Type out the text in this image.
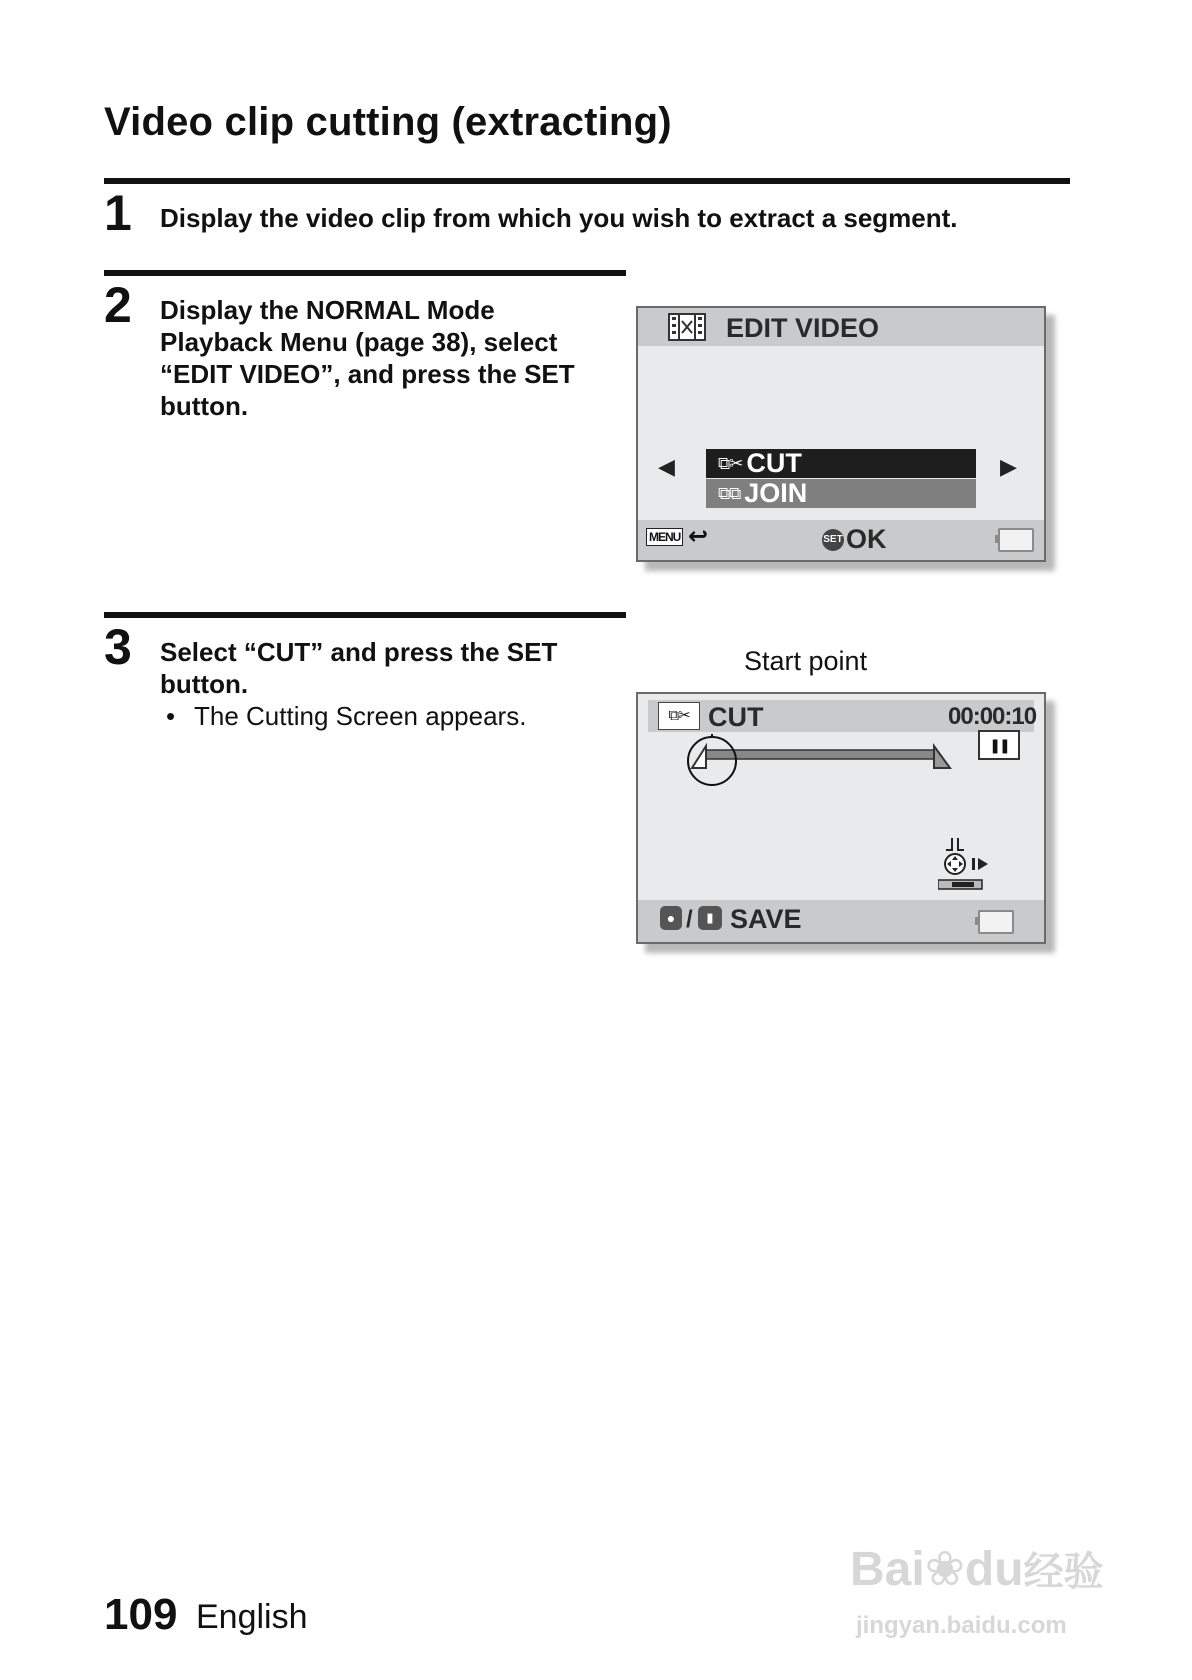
Video clip cutting (extracting)
1 Display the video clip from which you wish to extract a segment.
2 Display the NORMAL Mode
Playback Menu (page 38), select
“EDIT VIDEO”, and press the SET
button.
EDIT VIDEO
◀	▶
⧉✂ CUT
⧉⧉ JOIN
MENU ↩	SET OK
3 Select “CUT” and press the SET
button.
• The Cutting Screen appears.
Start point
⧉✂ CUT	00:00:10
❚❚
● /	▮ SAVE
109 English
Bai❀du经验
jingyan.baidu.com
